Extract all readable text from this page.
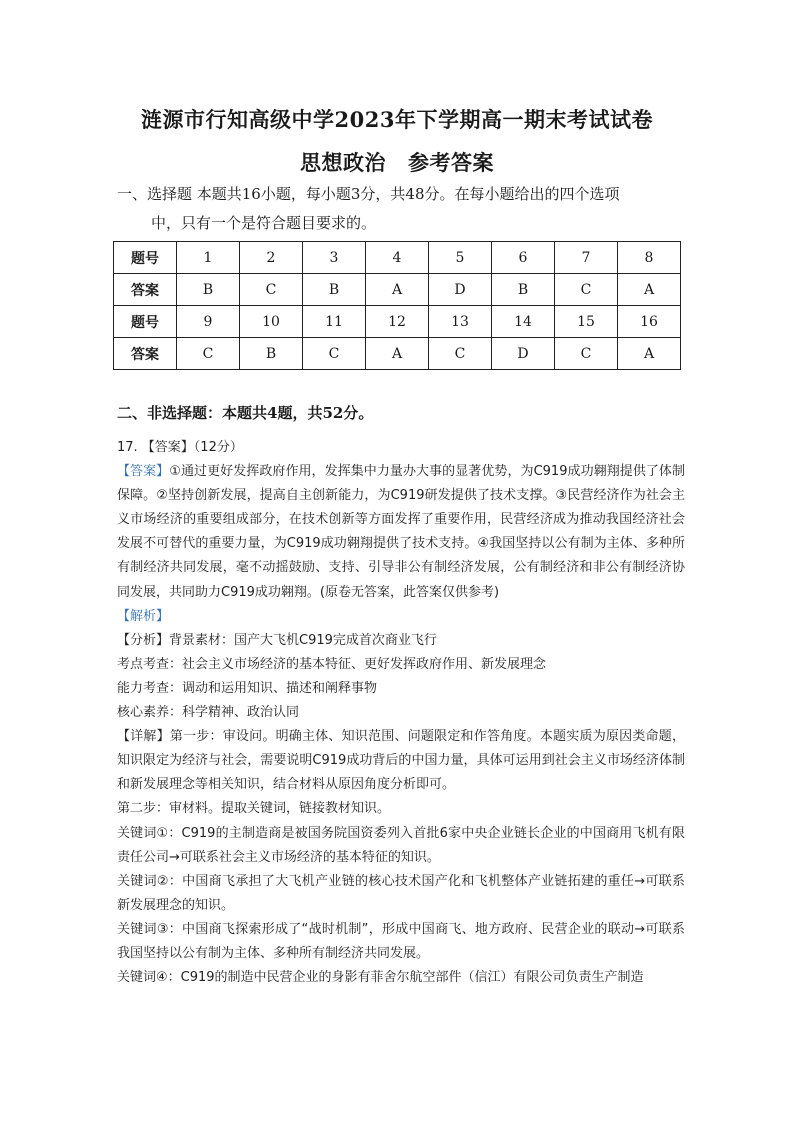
涟源市行知高级中学2023年下学期高一期末考试试卷
思想政治 参考答案
一、选择题 本题共16小题，每小题3分，共48分。在每小题给出的四个选项
中，只有一个是符合题目要求的。
题号	1	2	3	4	5	6	7	8
答案	B	C	B	A	D	B	C	A
题号	9	10	11	12	13	14	15	16
答案	C	B	C	A	C	D	C	A
二、非选择题：本题共4题，共52分。

17. 【答案】（12分）

【答案】①通过更好发挥政府作用，发挥集中力量办大事的显著优势，为C919成功翱翔提供了体制保障。②坚持创新发展，提高自主创新能力，为C919研发提供了技术支撑。③民营经济作为社会主义市场经济的重要组成部分，在技术创新等方面发挥了重要作用，民营经济成为推动我国经济社会发展不可替代的重要力量，为C919成功翱翔提供了技术支持。④我国坚持以公有制为主体、多种所有制经济共同发展，毫不动摇鼓励、支持、引导非公有制经济发展，公有制经济和非公有制经济协同发展，共同助力C919成功翱翔。(原卷无答案，此答案仅供参考)

【解析】

【分析】背景素材：国产大飞机C919完成首次商业飞行

考点考查：社会主义市场经济的基本特征、更好发挥政府作用、新发展理念

能力考查：调动和运用知识、描述和阐释事物

核心素养：科学精神、政治认同

【详解】第一步：审设问。明确主体、知识范围、问题限定和作答角度。本题实质为原因类命题，知识限定为经济与社会，需要说明C919成功背后的中国力量，具体可运用到社会主义市场经济体制和新发展理念等相关知识，结合材料从原因角度分析即可。

第二步：审材料。提取关键词，链接教材知识。

关键词①：C919的主制造商是被国务院国资委列入首批6家中央企业链长企业的中国商用飞机有限责任公司→可联系社会主义市场经济的基本特征的知识。

关键词②：中国商飞承担了大飞机产业链的核心技术国产化和飞机整体产业链拓建的重任→可联系新发展理念的知识。

关键词③：中国商飞探索形成了“战时机制”，形成中国商飞、地方政府、民营企业的联动→可联系我国坚持以公有制为主体、多种所有制经济共同发展。

关键词④：C919的制造中民营企业的身影有菲舍尔航空部件（信江）有限公司负责生产制造
